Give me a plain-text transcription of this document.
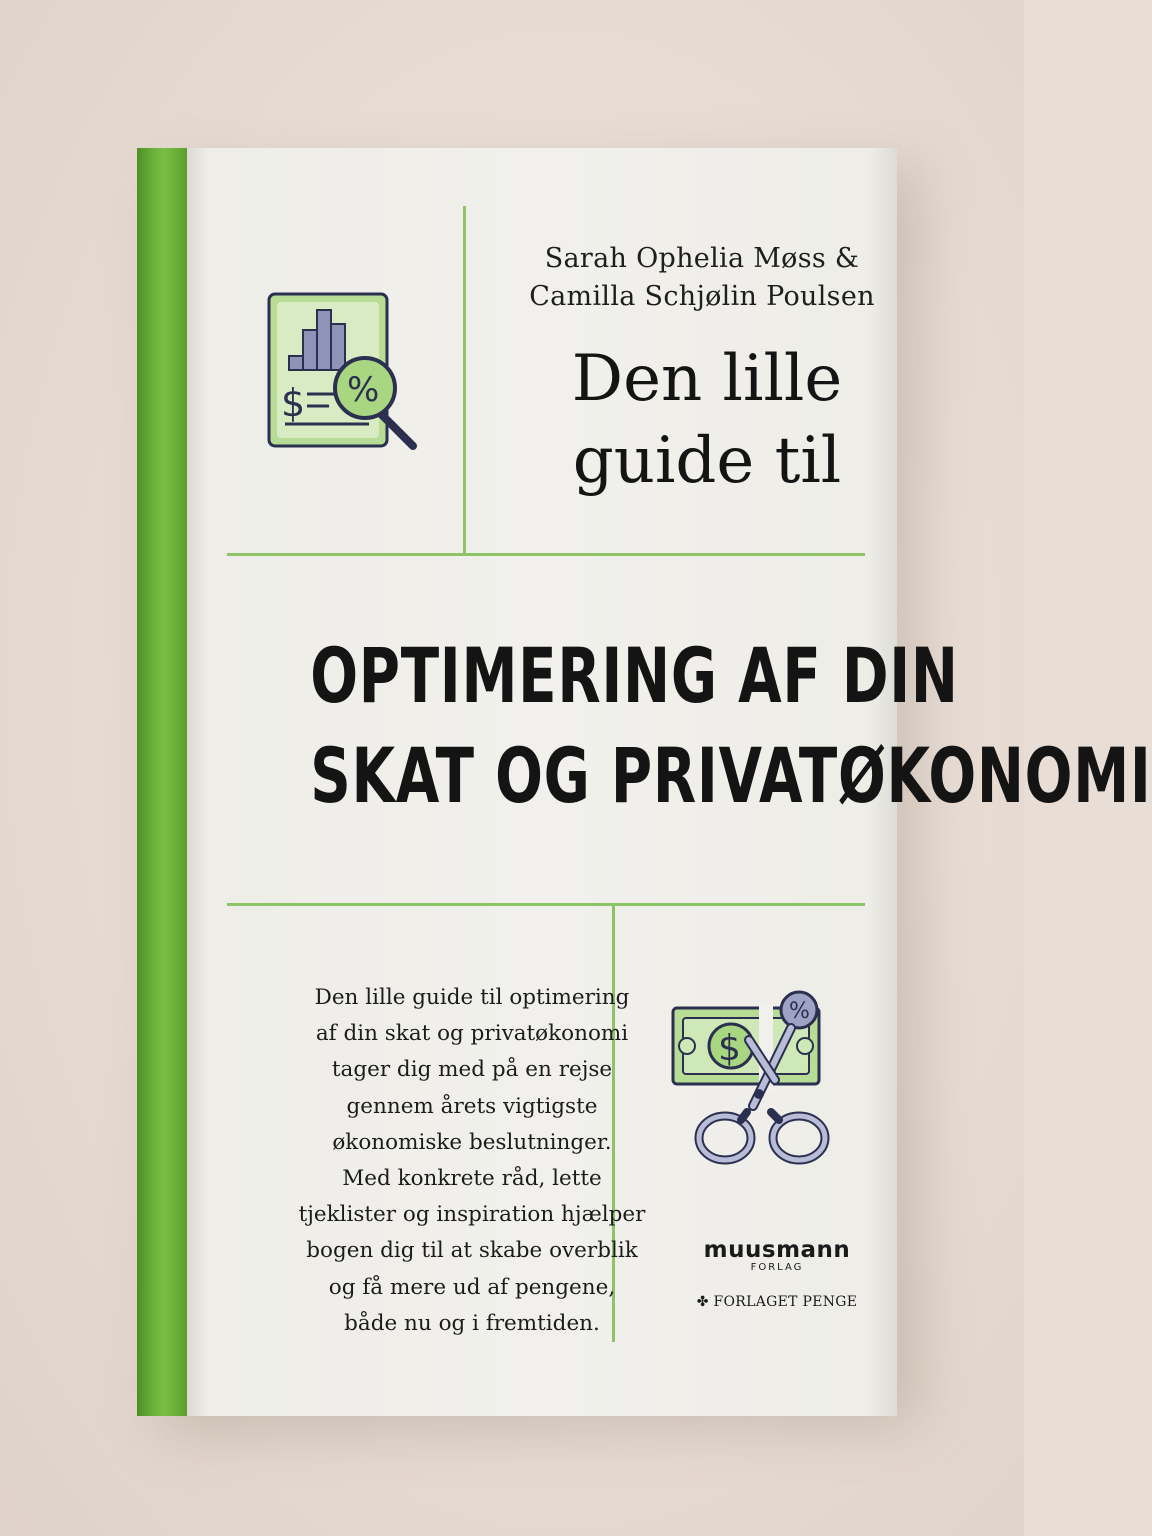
$ %
Sarah Ophelia Møss &
Camilla Schjølin Poulsen
Den lille
guide til
OPTIMERING AF DIN
SKAT OG PRIVATØKONOMI
Den lille guide til optimering
af din skat og privatøkonomi
tager dig med på en rejse
gennem årets vigtigste
økonomiske beslutninger.
Med konkrete råd, lette
tjeklister og inspiration hjælper
bogen dig til at skabe overblik
og få mere ud af pengene,
både nu og i fremtiden.
$
%
muusmann
FORLAG
✤ FORLAGET PENGE
